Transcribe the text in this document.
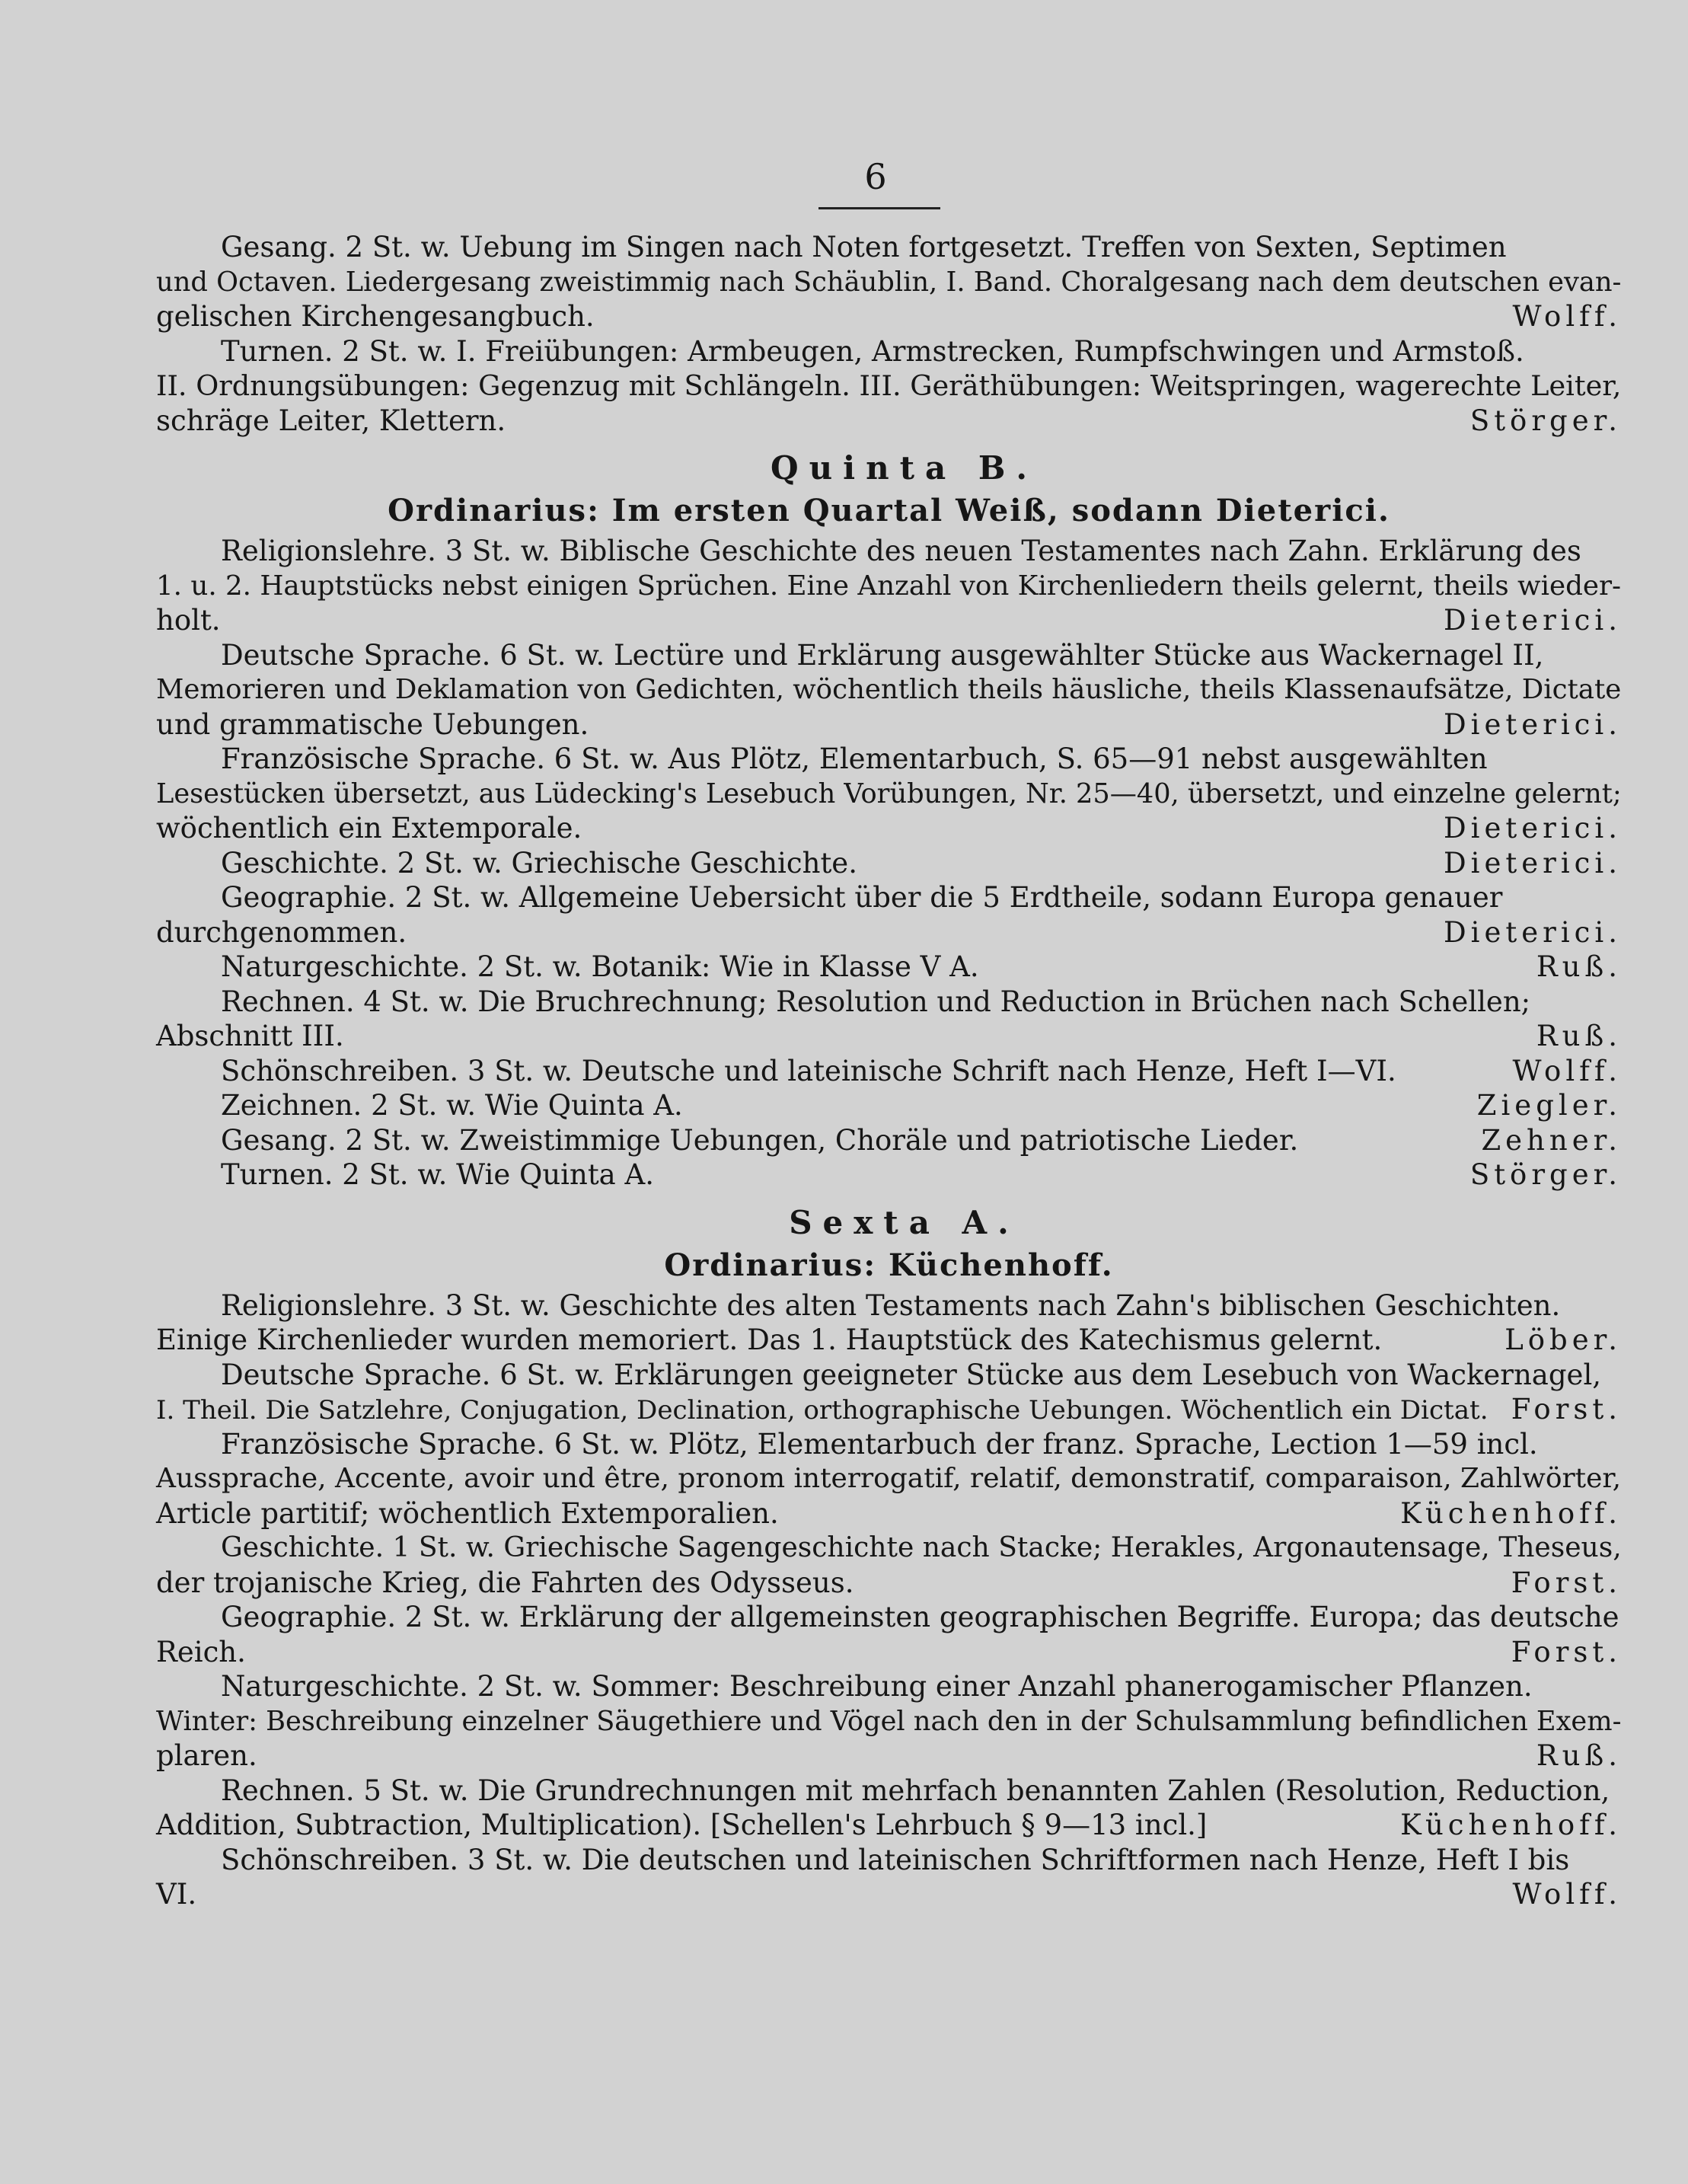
6
Gesang. 2 St. w. Uebung im Singen nach Noten fortgesetzt. Treffen von Sexten, Septimen
und Octaven. Liedergesang zweistimmig nach Schäublin, I. Band. Choralgesang nach dem deutschen evan-
gelischen Kirchengesangbuch.	Wolff.
Turnen. 2 St. w. I. Freiübungen: Armbeugen, Armstrecken, Rumpfschwingen und Armstoß.
II. Ordnungsübungen: Gegenzug mit Schlängeln. III. Geräthübungen: Weitspringen, wagerechte Leiter,
schräge Leiter, Klettern.	Störger.
Quinta B.
Ordinarius: Im ersten Quartal Weiß, sodann Dieterici.
Religionslehre. 3 St. w. Biblische Geschichte des neuen Testamentes nach Zahn. Erklärung des
1. u. 2. Hauptstücks nebst einigen Sprüchen. Eine Anzahl von Kirchenliedern theils gelernt, theils wieder-
holt.	Dieterici.
Deutsche Sprache. 6 St. w. Lectüre und Erklärung ausgewählter Stücke aus Wackernagel II,
Memorieren und Deklamation von Gedichten, wöchentlich theils häusliche, theils Klassenaufsätze, Dictate
und grammatische Uebungen.	Dieterici.
Französische Sprache. 6 St. w. Aus Plötz, Elementarbuch, S. 65—91 nebst ausgewählten
Lesestücken übersetzt, aus Lüdecking's Lesebuch Vorübungen, Nr. 25—40, übersetzt, und einzelne gelernt;
wöchentlich ein Extemporale.	Dieterici.
Geschichte. 2 St. w. Griechische Geschichte.	Dieterici.
Geographie. 2 St. w. Allgemeine Uebersicht über die 5 Erdtheile, sodann Europa genauer
durchgenommen.	Dieterici.
Naturgeschichte. 2 St. w. Botanik: Wie in Klasse V A.	Ruß.
Rechnen. 4 St. w. Die Bruchrechnung; Resolution und Reduction in Brüchen nach Schellen;
Abschnitt III.	Ruß.
Schönschreiben. 3 St. w. Deutsche und lateinische Schrift nach Henze, Heft I—VI.	Wolff.
Zeichnen. 2 St. w. Wie Quinta A.	Ziegler.
Gesang. 2 St. w. Zweistimmige Uebungen, Choräle und patriotische Lieder.	Zehner.
Turnen. 2 St. w. Wie Quinta A.	Störger.
Sexta A.
Ordinarius: Küchenhoff.
Religionslehre. 3 St. w. Geschichte des alten Testaments nach Zahn's biblischen Geschichten.
Einige Kirchenlieder wurden memoriert. Das 1. Hauptstück des Katechismus gelernt.	Löber.
Deutsche Sprache. 6 St. w. Erklärungen geeigneter Stücke aus dem Lesebuch von Wackernagel,
I. Theil. Die Satzlehre, Conjugation, Declination, orthographische Uebungen. Wöchentlich ein Dictat. Forst.
Französische Sprache. 6 St. w. Plötz, Elementarbuch der franz. Sprache, Lection 1—59 incl.
Aussprache, Accente, avoir und être, pronom interrogatif, relatif, demonstratif, comparaison, Zahlwörter,
Article partitif; wöchentlich Extemporalien.	Küchenhoff.
Geschichte. 1 St. w. Griechische Sagengeschichte nach Stacke; Herakles, Argonautensage, Theseus,
der trojanische Krieg, die Fahrten des Odysseus.	Forst.
Geographie. 2 St. w. Erklärung der allgemeinsten geographischen Begriffe. Europa; das deutsche
Reich.	Forst.
Naturgeschichte. 2 St. w. Sommer: Beschreibung einer Anzahl phanerogamischer Pflanzen.
Winter: Beschreibung einzelner Säugethiere und Vögel nach den in der Schulsammlung befindlichen Exem-
plaren.	Ruß.
Rechnen. 5 St. w. Die Grundrechnungen mit mehrfach benannten Zahlen (Resolution, Reduction,
Addition, Subtraction, Multiplication). [Schellen's Lehrbuch § 9—13 incl.]	Küchenhoff.
Schönschreiben. 3 St. w. Die deutschen und lateinischen Schriftformen nach Henze, Heft I bis
VI.	Wolff.
